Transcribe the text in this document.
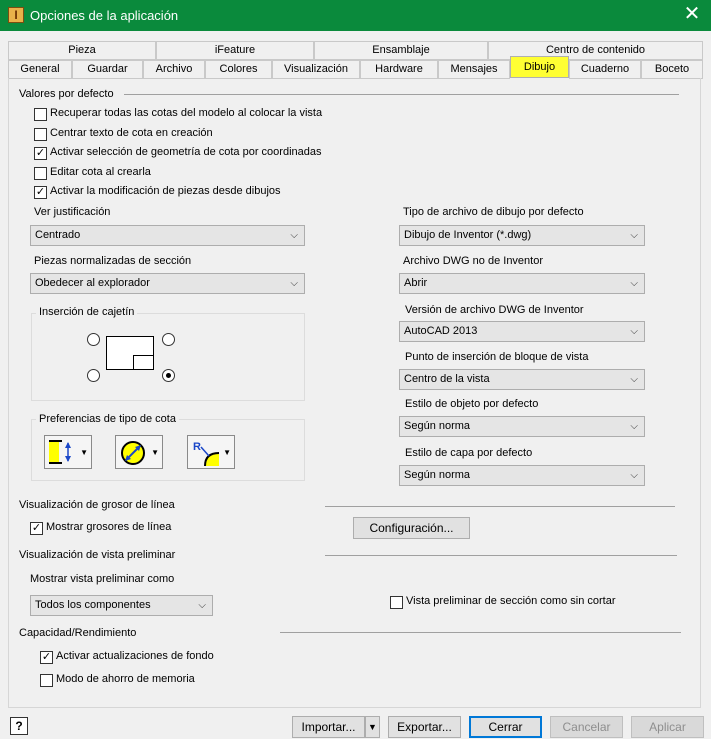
I Opciones de la aplicación	✕
Pieza	iFeature	Ensamblaje	Centro de contenido
General	Guardar	Archivo	Colores	Visualización	Hardware	Mensajes	Dibujo	Cuaderno	Boceto
Valores por defecto
Recuperar todas las cotas del modelo al colocar la vista
Centrar texto de cota en creación
✓ Activar selección de geometría de cota por coordinadas
Editar cota al crearla
✓ Activar la modificación de piezas desde dibujos
Ver justificación
Centrado	⌵
Piezas normalizadas de sección
Obedecer al explorador	⌵
Inserción de cajetín
Preferencias de tipo de cota
▼	▼	R	▼
Tipo de archivo de dibujo por defecto
Dibujo de Inventor (*.dwg)	⌵
Archivo DWG no de Inventor
Abrir	⌵
Versión de archivo DWG de Inventor
AutoCAD 2013	⌵
Punto de inserción de bloque de vista
Centro de la vista	⌵
Estilo de objeto por defecto
Según norma	⌵
Estilo de capa por defecto
Según norma	⌵
Visualización de grosor de línea
✓ Mostrar grosores de línea	Configuración...
Visualización de vista preliminar
Mostrar vista preliminar como
Todos los componentes	⌵	Vista preliminar de sección como sin cortar
Capacidad/Rendimiento
✓ Activar actualizaciones de fondo
Modo de ahorro de memoria
?	Importar...	▼	Exportar...	Cerrar	Cancelar	Aplicar
